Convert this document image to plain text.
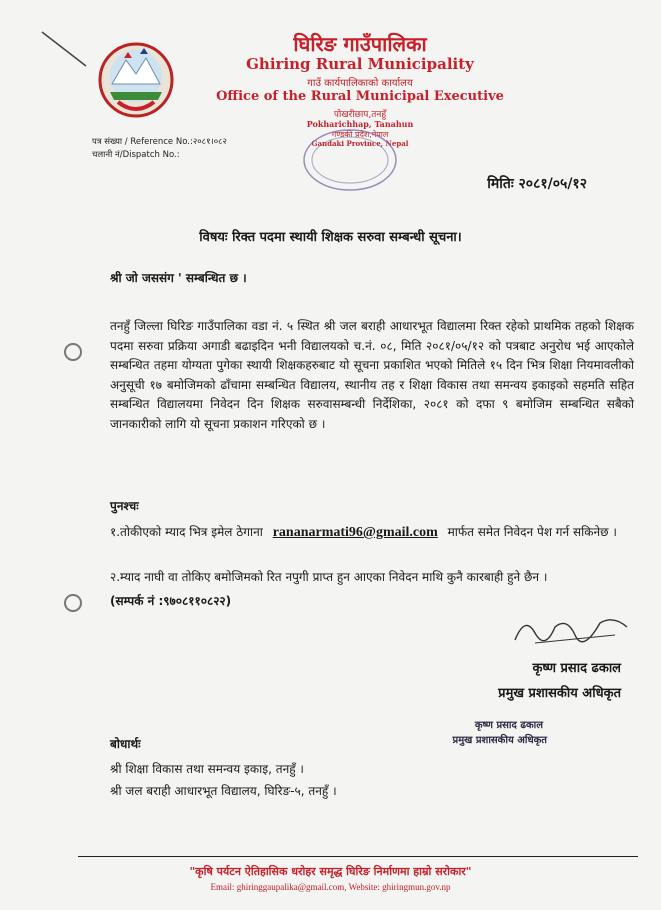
घिरिङ गाउँपालिका
Ghiring Rural Municipality
गाउँ कार्यपालिकाको कार्यालय
Office of the Rural Municipal Executive
पोखरीछाप,तनहुँ
Pokharichhap, Tanahun
गण्डकी प्रदेश,नेपाल
Gandaki Province, Nepal
पत्र संख्या / Reference No.:२०८१।०८२
चलानी नं/Dispatch No.:
मितिः २०८१/०५/१२
विषयः रिक्त पदमा स्थायी शिक्षक सरुवा सम्बन्धी सूचना।
श्री जो जससंग ' सम्बन्धित छ ।
तनहुँ जिल्ला घिरिङ गाउँपालिका वडा नं. ५ स्थित श्री जल बराही आधारभूत विद्यालमा रिक्त रहेको प्राथमिक तहको शिक्षक पदमा सरुवा प्रक्रिया अगाडी बढाइदिन भनी विद्यालयको च.नं. ०८, मिति २०८१/०५/१२ को पत्रबाट अनुरोध भई आएकोले सम्बन्धित तहमा योग्यता पुगेका स्थायी शिक्षकहरुबाट यो सूचना प्रकाशित भएको मितिले १५ दिन भित्र शिक्षा नियमावलीको अनुसूची १७ बमोजिमको ढाँचामा सम्बन्धित विद्यालय, स्थानीय तह र शिक्षा विकास तथा समन्वय इकाइको सहमति सहित सम्बन्धित विद्यालयमा निवेदन दिन शिक्षक सरुवासम्बन्धी निर्देशिका, २०८१ को दफा ९ बमोजिम सम्बन्धित सबैको जानकारीको लागि यो सूचना प्रकाशन गरिएको छ ।
पुनश्चः
१.तोकीएको म्याद भित्र इमेल ठेगाना rananarmati96@gmail.com मार्फत समेत निवेदन पेश गर्न सकिनेछ ।
२.म्याद नाघी वा तोकिए बमोजिमको रित नपुगी प्राप्त हुन आएका निवेदन माथि कुनै कारबाही हुने छैन ।
(सम्पर्क नं :९७०८११०८२२)
कृष्ण प्रसाद ढकाल
प्रमुख प्रशासकीय अधिकृत
कृष्ण प्रसाद ढकाल
प्रमुख प्रशासकीय अधिकृत
बोधार्थः
श्री शिक्षा विकास तथा समन्वय इकाइ, तनहुँ ।
श्री जल बराही आधारभूत विद्यालय, घिरिङ-५, तनहुँ ।
"कृषि पर्यटन ऐतिहासिक धरोहर समृद्ध घिरिङ निर्माणमा हाम्रो सरोकार"
Email: ghiringgaupalika@gmail.com, Website: ghiringmun.gov.np
